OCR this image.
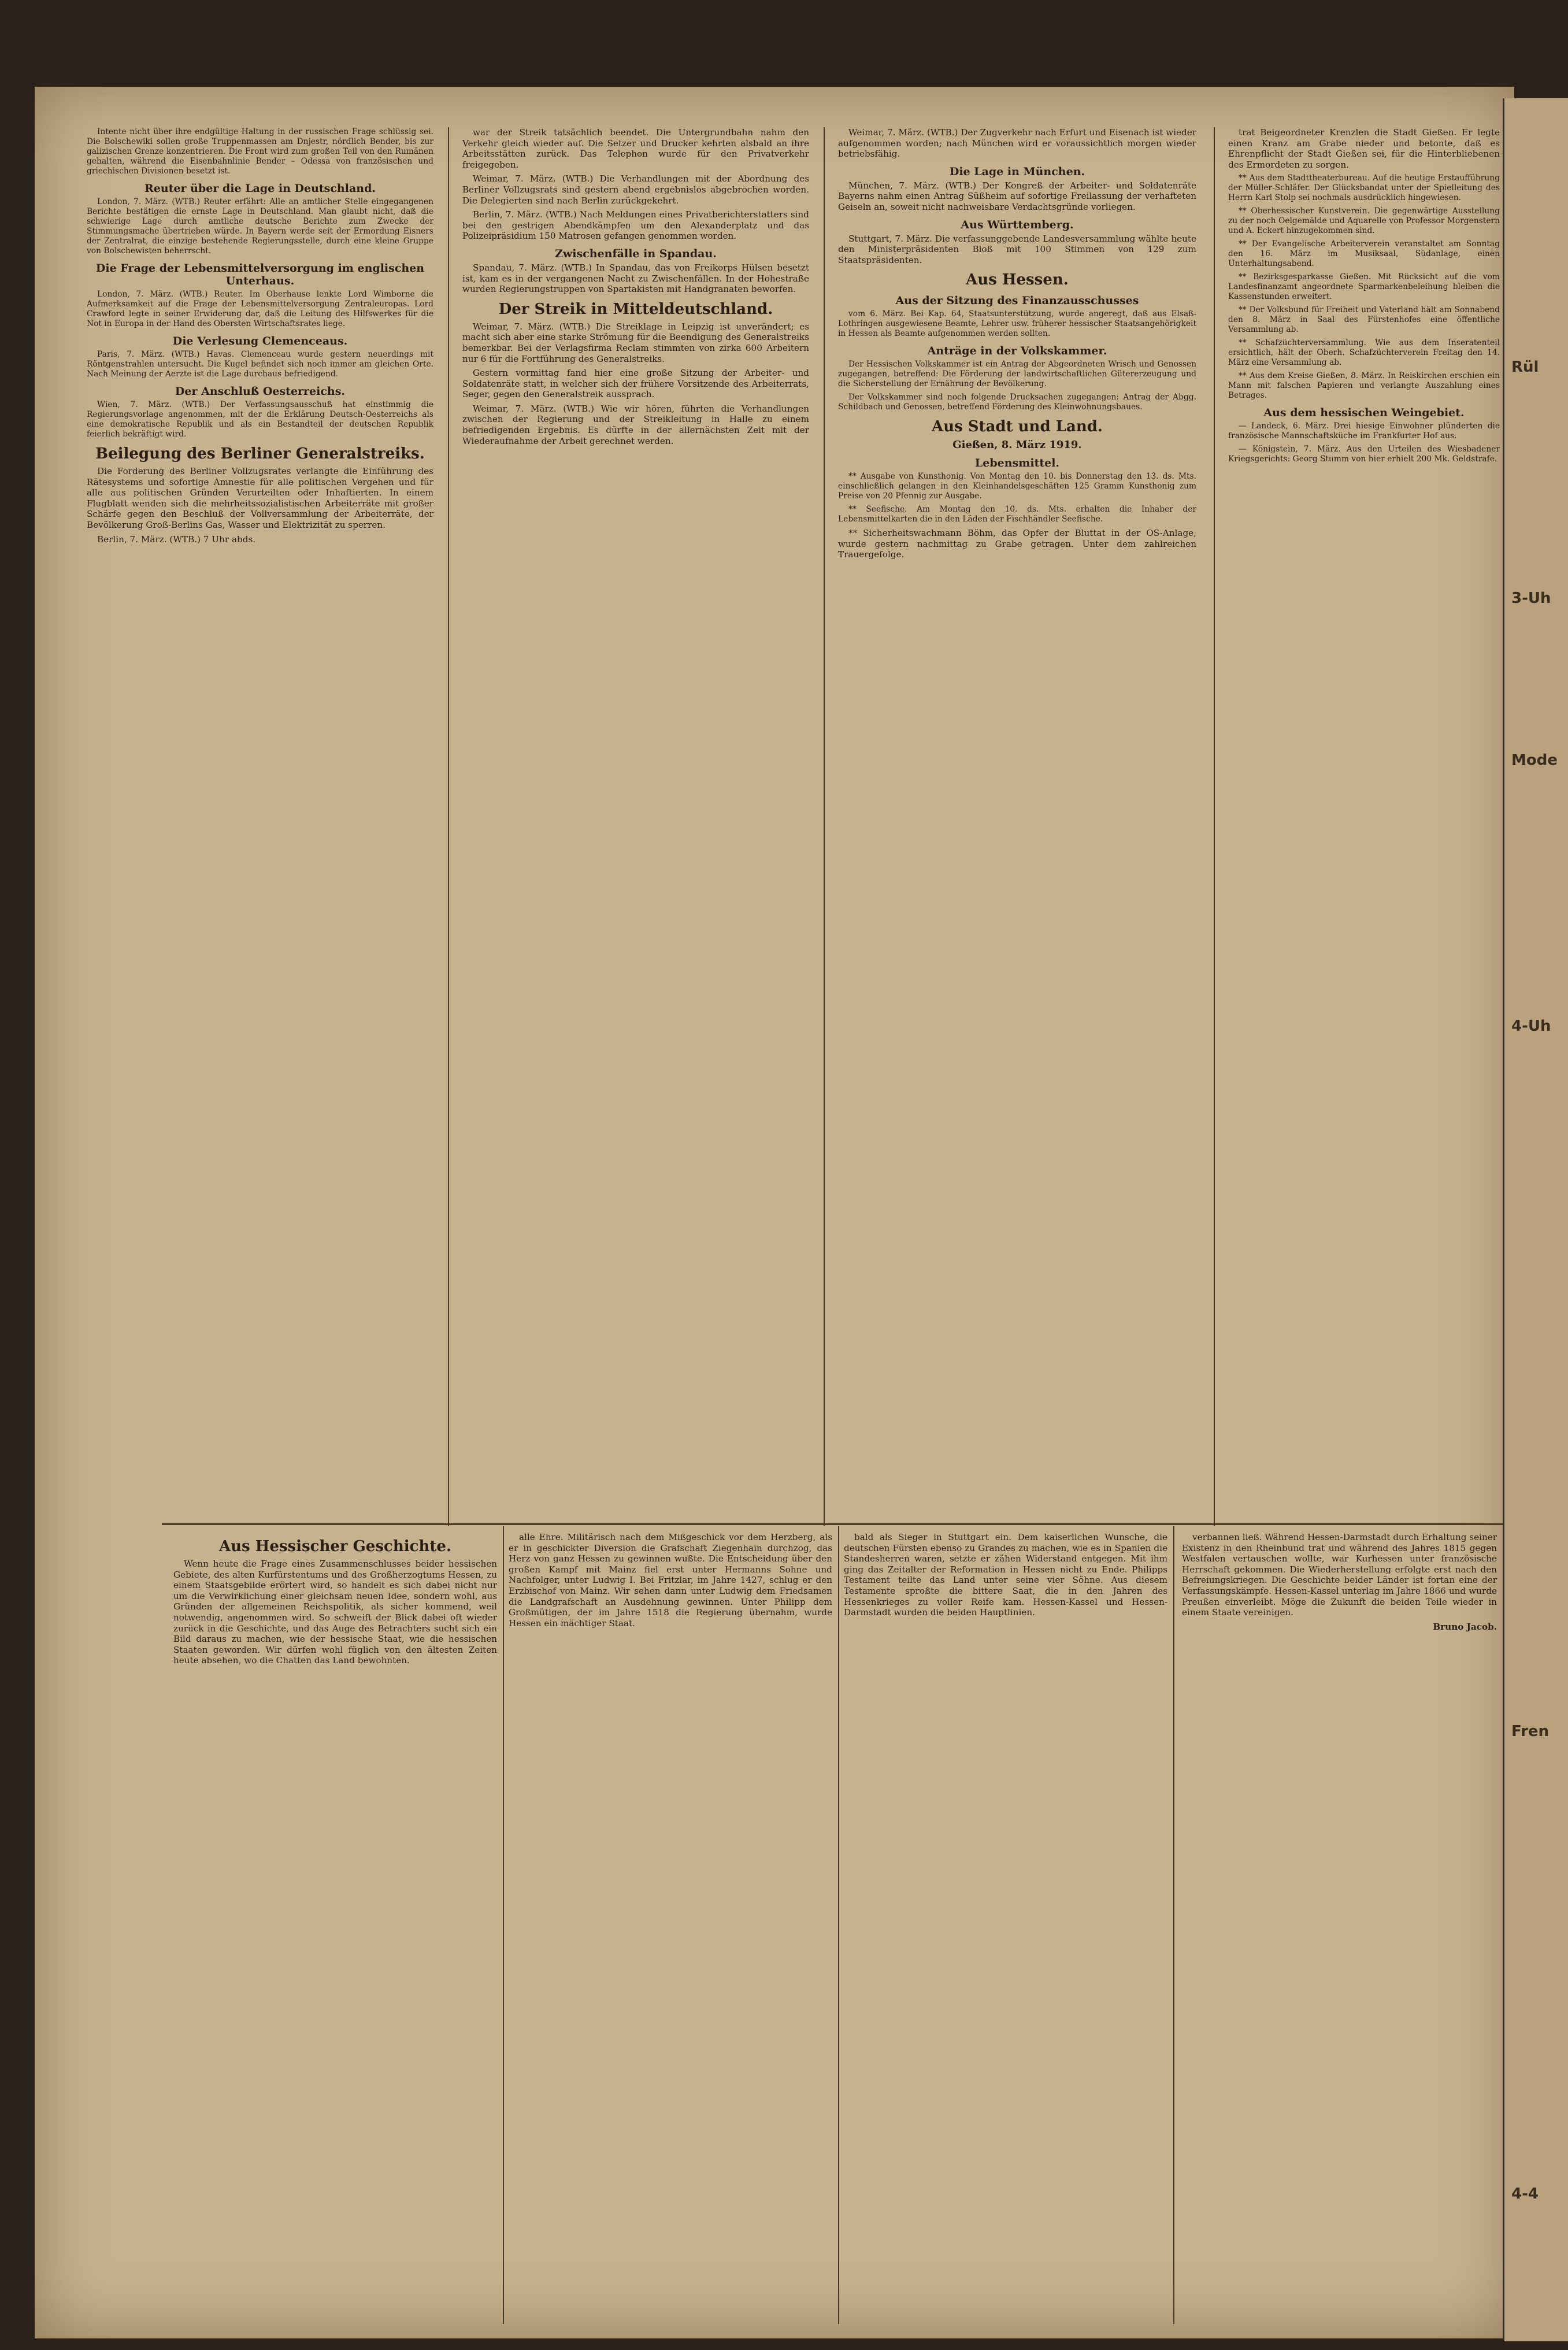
Intente nicht über ihre endgültige Haltung in der russischen Frage schlüssig sei. Die Bolschewiki sollen große Truppenmassen am Dnjestr, nördlich Bender, bis zur galizischen Grenze konzentrieren. Die Front wird zum großen Teil von den Rumänen gehalten, während die Eisenbahnlinie Bender – Odessa von französischen und griechischen Divisionen besetzt ist.

Reuter über die Lage in Deutschland.

London, 7. März. (WTB.) Reuter erfährt: Alle an amtlicher Stelle eingegangenen Berichte bestätigen die ernste Lage in Deutschland. Man glaubt nicht, daß die schwierige Lage durch amtliche deutsche Berichte zum Zwecke der Stimmungsmache übertrieben würde. In Bayern werde seit der Ermordung Eisners der Zentralrat, die einzige bestehende Regierungsstelle, durch eine kleine Gruppe von Bolschewisten beherrscht.

Die Frage der Lebensmittelversorgung im englischen Unterhaus.

London, 7. März. (WTB.) Reuter. Im Oberhause lenkte Lord Wimborne die Aufmerksamkeit auf die Frage der Lebensmittelversorgung Zentraleuropas. Lord Crawford legte in seiner Erwiderung dar, daß die Leitung des Hilfswerkes für die Not in Europa in der Hand des Obersten Wirtschaftsrates liege.

Die Verlesung Clemenceaus.

Paris, 7. März. (WTB.) Havas. Clemenceau wurde gestern neuerdings mit Röntgenstrahlen untersucht. Die Kugel befindet sich noch immer am gleichen Orte. Nach Meinung der Aerzte ist die Lage durchaus befriedigend.

Der Anschluß Oesterreichs.

Wien, 7. März. (WTB.) Der Verfassungsausschuß hat einstimmig die Regierungsvorlage angenommen, mit der die Erklärung Deutsch-Oesterreichs als eine demokratische Republik und als ein Bestandteil der deutschen Republik feierlich bekräftigt wird.

Beilegung des Berliner Generalstreiks.

Die Forderung des Berliner Vollzugsrates verlangte die Einführung des Rätesystems und sofortige Amnestie für alle politischen Vergehen und für alle aus politischen Gründen Verurteilten oder Inhaftierten. In einem Flugblatt wenden sich die mehrheitssozialistischen Arbeiterräte mit großer Schärfe gegen den Beschluß der Vollversammlung der Arbeiterräte, der Bevölkerung Groß-Berlins Gas, Wasser und Elektrizität zu sperren.

Berlin, 7. März. (WTB.) 7 Uhr abds.

war der Streik tatsächlich beendet. Die Untergrundbahn nahm den Verkehr gleich wieder auf. Die Setzer und Drucker kehrten alsbald an ihre Arbeitsstätten zurück. Das Telephon wurde für den Privatverkehr freigegeben.

Weimar, 7. März. (WTB.) Die Verhandlungen mit der Abordnung des Berliner Vollzugsrats sind gestern abend ergebnislos abgebrochen worden. Die Delegierten sind nach Berlin zurückgekehrt.

Berlin, 7. März. (WTB.) Nach Meldungen eines Privatberichterstatters sind bei den gestrigen Abendkämpfen um den Alexanderplatz und das Polizeipräsidium 150 Matrosen gefangen genommen worden.

Zwischenfälle in Spandau.

Spandau, 7. März. (WTB.) In Spandau, das von Freikorps Hülsen besetzt ist, kam es in der vergangenen Nacht zu Zwischenfällen. In der Hohestraße wurden Regierungstruppen von Spartakisten mit Handgranaten beworfen.

Der Streik in Mitteldeutschland.

Weimar, 7. März. (WTB.) Die Streiklage in Leipzig ist unverändert; es macht sich aber eine starke Strömung für die Beendigung des Generalstreiks bemerkbar. Bei der Verlagsfirma Reclam stimmten von zirka 600 Arbeitern nur 6 für die Fortführung des Generalstreiks.

Gestern vormittag fand hier eine große Sitzung der Arbeiter- und Soldatenräte statt, in welcher sich der frühere Vorsitzende des Arbeiterrats, Seger, gegen den Generalstreik aussprach.

Weimar, 7. März. (WTB.) Wie wir hören, führten die Verhandlungen zwischen der Regierung und der Streikleitung in Halle zu einem befriedigenden Ergebnis. Es dürfte in der allernächsten Zeit mit der Wiederaufnahme der Arbeit gerechnet werden.

Weimar, 7. März. (WTB.) Der Zugverkehr nach Erfurt und Eisenach ist wieder aufgenommen worden; nach München wird er voraussichtlich morgen wieder betriebsfähig.

Die Lage in München.

München, 7. März. (WTB.) Der Kongreß der Arbeiter- und Soldatenräte Bayerns nahm einen Antrag Süßheim auf sofortige Freilassung der verhafteten Geiseln an, soweit nicht nachweisbare Verdachtsgründe vorliegen.

Aus Württemberg.

Stuttgart, 7. März. Die verfassunggebende Landesversammlung wählte heute den Ministerpräsidenten Bloß mit 100 Stimmen von 129 zum Staatspräsidenten.

Aus Hessen.
Aus der Sitzung des Finanzausschusses

vom 6. März. Bei Kap. 64, Staatsunterstützung, wurde angeregt, daß aus Elsaß-Lothringen ausgewiesene Beamte, Lehrer usw. früherer hessischer Staatsangehörigkeit in Hessen als Beamte aufgenommen werden sollten.

Anträge in der Volkskammer.

Der Hessischen Volkskammer ist ein Antrag der Abgeordneten Wrisch und Genossen zugegangen, betreffend: Die Förderung der landwirtschaftlichen Gütererzeugung und die Sicherstellung der Ernährung der Bevölkerung.

Der Volkskammer sind noch folgende Drucksachen zugegangen: Antrag der Abgg. Schildbach und Genossen, betreffend Förderung des Kleinwohnungsbaues.

Aus Stadt und Land.
Gießen, 8. März 1919.
Lebensmittel.

** Ausgabe von Kunsthonig. Von Montag den 10. bis Donnerstag den 13. ds. Mts. einschließlich gelangen in den Kleinhandelsgeschäften 125 Gramm Kunsthonig zum Preise von 20 Pfennig zur Ausgabe.

** Seefische. Am Montag den 10. ds. Mts. erhalten die Inhaber der Lebensmittelkarten die in den Läden der Fischhändler Seefische.

** Sicherheitswachmann Böhm, das Opfer der Bluttat in der OS-Anlage, wurde gestern nachmittag zu Grabe getragen. Unter dem zahlreichen Trauergefolge.

trat Beigeordneter Krenzlen die Stadt Gießen. Er legte einen Kranz am Grabe nieder und betonte, daß es Ehrenpflicht der Stadt Gießen sei, für die Hinterbliebenen des Ermordeten zu sorgen.

** Aus dem Stadttheaterbureau. Auf die heutige Erstaufführung der Müller-Schläfer. Der Glücksbandat unter der Spielleitung des Herrn Karl Stolp sei nochmals ausdrücklich hingewiesen.

** Oberhessischer Kunstverein. Die gegenwärtige Ausstellung zu der noch Oelgemälde und Aquarelle von Professor Morgenstern und A. Eckert hinzugekommen sind.

** Der Evangelische Arbeiterverein veranstaltet am Sonntag den 16. März im Musiksaal, Südanlage, einen Unterhaltungsabend.

** Bezirksgesparkasse Gießen. Mit Rücksicht auf die vom Landesfinanzamt angeordnete Sparmarkenbeleihung bleiben die Kassenstunden erweitert.

** Der Volksbund für Freiheit und Vaterland hält am Sonnabend den 8. März in Saal des Fürstenhofes eine öffentliche Versammlung ab.

** Schafzüchterversammlung. Wie aus dem Inseratenteil ersichtlich, hält der Oberh. Schafzüchterverein Freitag den 14. März eine Versammlung ab.

** Aus dem Kreise Gießen, 8. März. In Reiskirchen erschien ein Mann mit falschen Papieren und verlangte Auszahlung eines Betrages.

Aus dem hessischen Weingebiet.

— Landeck, 6. März. Drei hiesige Einwohner plünderten die französische Mannschaftsküche im Frankfurter Hof aus.

— Königstein, 7. März. Aus den Urteilen des Wiesbadener Kriegsgerichts: Georg Stumm von hier erhielt 200 Mk. Geldstrafe.

Aus Hessischer Geschichte.

Wenn heute die Frage eines Zusammenschlusses beider hessischen Gebiete, des alten Kurfürstentums und des Großherzogtums Hessen, zu einem Staatsgebilde erörtert wird, so handelt es sich dabei nicht nur um die Verwirklichung einer gleichsam neuen Idee, sondern wohl, aus Gründen der allgemeinen Reichspolitik, als sicher kommend, weil notwendig, angenommen wird. So schweift der Blick dabei oft wieder zurück in die Geschichte, und das Auge des Betrachters sucht sich ein Bild daraus zu machen, wie der hessische Staat, wie die hessischen Staaten geworden. Wir dürfen wohl füglich von den ältesten Zeiten heute absehen, wo die Chatten das Land bewohnten.

alle Ehre. Militärisch nach dem Mißgeschick vor dem Herzberg, als er in geschickter Diversion die Grafschaft Ziegenhain durchzog, das Herz von ganz Hessen zu gewinnen wußte. Die Entscheidung über den großen Kampf mit Mainz fiel erst unter Hermanns Sohne und Nachfolger, unter Ludwig I. Bei Fritzlar, im Jahre 1427, schlug er den Erzbischof von Mainz. Wir sehen dann unter Ludwig dem Friedsamen die Landgrafschaft an Ausdehnung gewinnen. Unter Philipp dem Großmütigen, der im Jahre 1518 die Regierung übernahm, wurde Hessen ein mächtiger Staat.

bald als Sieger in Stuttgart ein. Dem kaiserlichen Wunsche, die deutschen Fürsten ebenso zu Grandes zu machen, wie es in Spanien die Standesherren waren, setzte er zähen Widerstand entgegen. Mit ihm ging das Zeitalter der Reformation in Hessen nicht zu Ende. Philipps Testament teilte das Land unter seine vier Söhne. Aus diesem Testamente sproßte die bittere Saat, die in den Jahren des Hessenkrieges zu voller Reife kam. Hessen-Kassel und Hessen-Darmstadt wurden die beiden Hauptlinien.

verbannen ließ. Während Hessen-Darmstadt durch Erhaltung seiner Existenz in den Rheinbund trat und während des Jahres 1815 gegen Westfalen vertauschen wollte, war Kurhessen unter französische Herrschaft gekommen. Die Wiederherstellung erfolgte erst nach den Befreiungskriegen. Die Geschichte beider Länder ist fortan eine der Verfassungskämpfe. Hessen-Kassel unterlag im Jahre 1866 und wurde Preußen einverleibt. Möge die Zukunft die beiden Teile wieder in einem Staate vereinigen.

Bruno Jacob.

Rül
3-Uh
Mode
4-Uh
Fren
4-4
